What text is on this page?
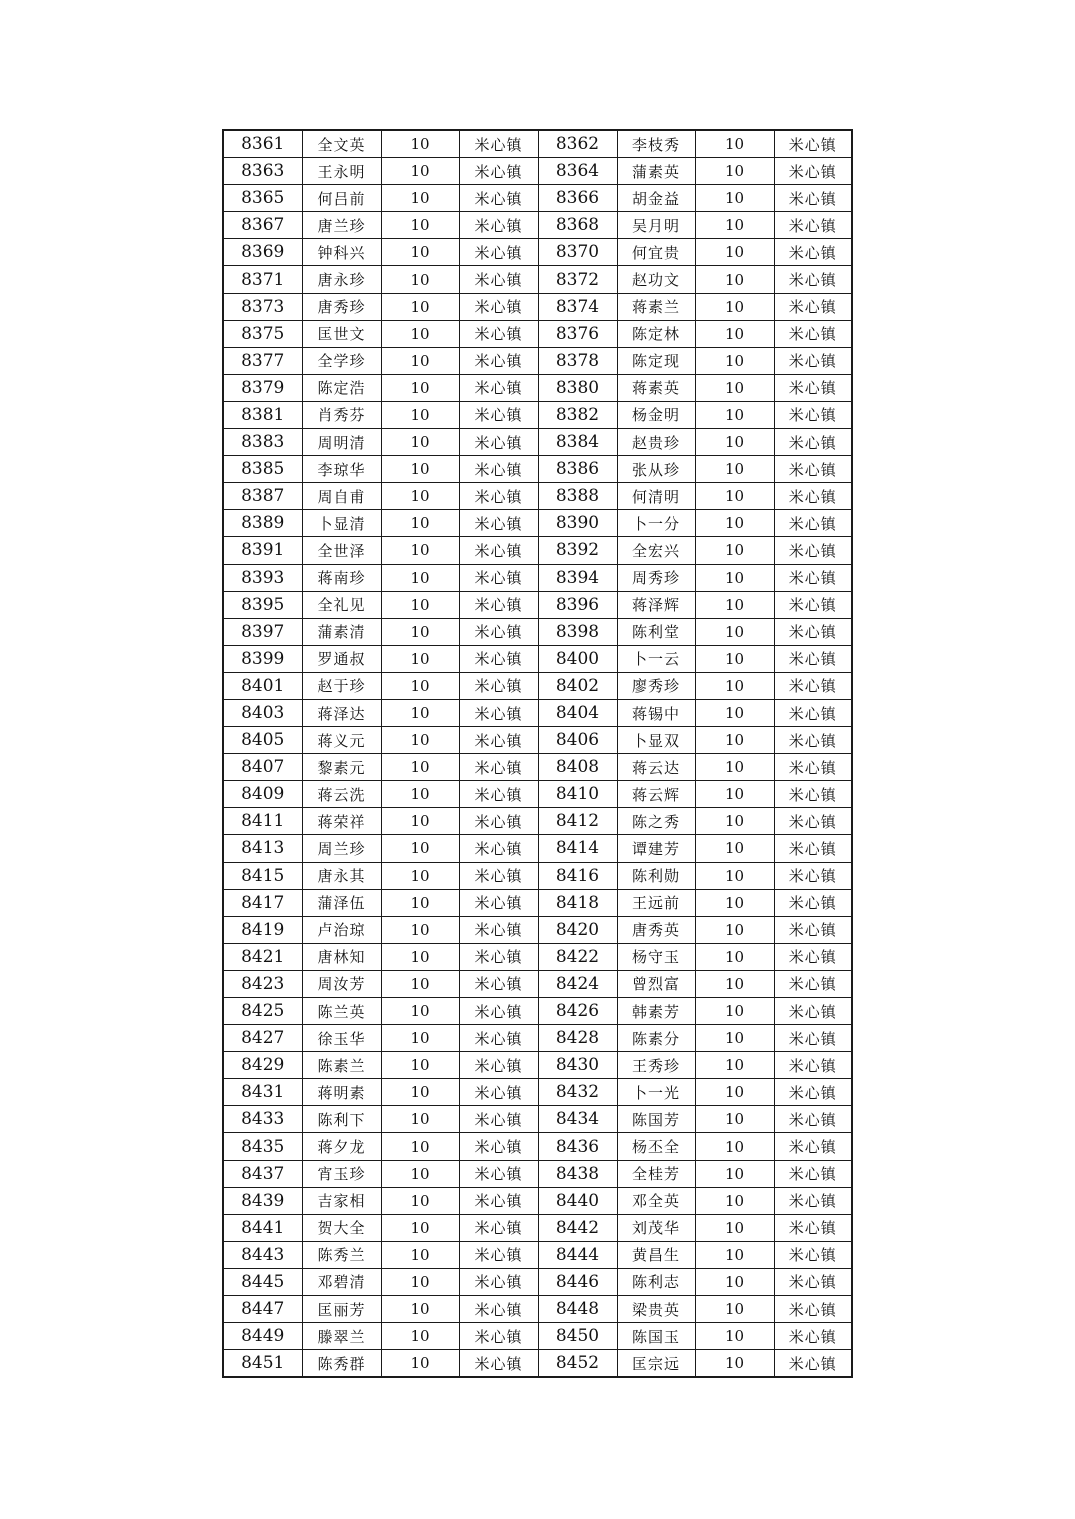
8361	全文英	10	米心镇	8362	李枝秀	10	米心镇
8363	王永明	10	米心镇	8364	蒲素英	10	米心镇
8365	何吕前	10	米心镇	8366	胡金益	10	米心镇
8367	唐兰珍	10	米心镇	8368	吴月明	10	米心镇
8369	钟科兴	10	米心镇	8370	何宜贵	10	米心镇
8371	唐永珍	10	米心镇	8372	赵功文	10	米心镇
8373	唐秀珍	10	米心镇	8374	蒋素兰	10	米心镇
8375	匡世文	10	米心镇	8376	陈定林	10	米心镇
8377	全学珍	10	米心镇	8378	陈定现	10	米心镇
8379	陈定浩	10	米心镇	8380	蒋素英	10	米心镇
8381	肖秀芬	10	米心镇	8382	杨金明	10	米心镇
8383	周明清	10	米心镇	8384	赵贵珍	10	米心镇
8385	李琼华	10	米心镇	8386	张从珍	10	米心镇
8387	周自甫	10	米心镇	8388	何清明	10	米心镇
8389	卜显清	10	米心镇	8390	卜一分	10	米心镇
8391	全世泽	10	米心镇	8392	全宏兴	10	米心镇
8393	蒋南珍	10	米心镇	8394	周秀珍	10	米心镇
8395	全礼见	10	米心镇	8396	蒋泽辉	10	米心镇
8397	蒲素清	10	米心镇	8398	陈利堂	10	米心镇
8399	罗通叔	10	米心镇	8400	卜一云	10	米心镇
8401	赵于珍	10	米心镇	8402	廖秀珍	10	米心镇
8403	蒋泽达	10	米心镇	8404	蒋锡中	10	米心镇
8405	蒋义元	10	米心镇	8406	卜显双	10	米心镇
8407	黎素元	10	米心镇	8408	蒋云达	10	米心镇
8409	蒋云洗	10	米心镇	8410	蒋云辉	10	米心镇
8411	蒋荣祥	10	米心镇	8412	陈之秀	10	米心镇
8413	周兰珍	10	米心镇	8414	谭建芳	10	米心镇
8415	唐永其	10	米心镇	8416	陈利勋	10	米心镇
8417	蒲泽伍	10	米心镇	8418	王远前	10	米心镇
8419	卢治琼	10	米心镇	8420	唐秀英	10	米心镇
8421	唐林知	10	米心镇	8422	杨守玉	10	米心镇
8423	周汝芳	10	米心镇	8424	曾烈富	10	米心镇
8425	陈兰英	10	米心镇	8426	韩素芳	10	米心镇
8427	徐玉华	10	米心镇	8428	陈素分	10	米心镇
8429	陈素兰	10	米心镇	8430	王秀珍	10	米心镇
8431	蒋明素	10	米心镇	8432	卜一光	10	米心镇
8433	陈利下	10	米心镇	8434	陈国芳	10	米心镇
8435	蒋夕龙	10	米心镇	8436	杨丕全	10	米心镇
8437	宵玉珍	10	米心镇	8438	全桂芳	10	米心镇
8439	吉家相	10	米心镇	8440	邓全英	10	米心镇
8441	贺大全	10	米心镇	8442	刘茂华	10	米心镇
8443	陈秀兰	10	米心镇	8444	黄昌生	10	米心镇
8445	邓碧清	10	米心镇	8446	陈利志	10	米心镇
8447	匡丽芳	10	米心镇	8448	梁贵英	10	米心镇
8449	滕翠兰	10	米心镇	8450	陈国玉	10	米心镇
8451	陈秀群	10	米心镇	8452	匡宗远	10	米心镇
